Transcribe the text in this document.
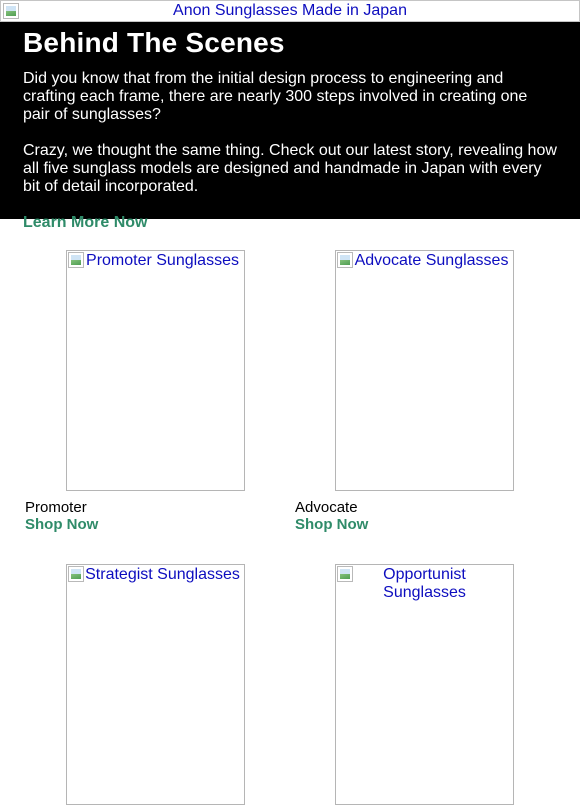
Anon Sunglasses Made in Japan
Behind The Scenes

Did you know that from the initial design process to engineering and crafting each frame, there are nearly 300 steps involved in creating one pair of sunglasses?

Crazy, we thought the same thing. Check out our latest story, revealing how all five sunglass models are designed and handmade in Japan with every bit of detail incorporated.

Learn More Now
Promoter Sunglasses
Promoter
Shop Now
Advocate Sunglasses
Advocate
Shop Now
Strategist Sunglasses	Opportunist Sunglasses
